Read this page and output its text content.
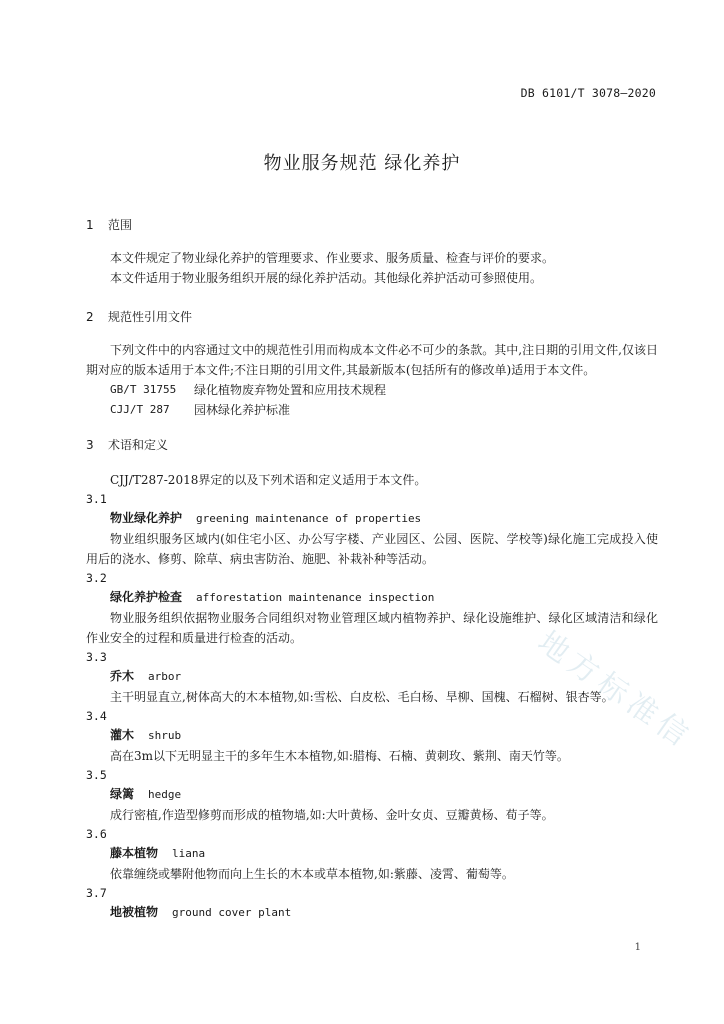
DB 6101/T 3078—2020
物业服务规范 绿化养护
1 范围
本文件规定了物业绿化养护的管理要求、作业要求、服务质量、检查与评价的要求。
本文件适用于物业服务组织开展的绿化养护活动。其他绿化养护活动可参照使用。
2 规范性引用文件
下列文件中的内容通过文中的规范性引用而构成本文件必不可少的条款。其中,注日期的引用文件,仅该日期对应的版本适用于本文件;不注日期的引用文件,其最新版本(包括所有的修改单)适用于本文件。
GB/T 31755	绿化植物废弃物处置和应用技术规程
CJJ/T 287	园林绿化养护标准
3 术语和定义
CJJ/T287-2018界定的以及下列术语和定义适用于本文件。
3.1
物业绿化养护 greening maintenance of properties
物业组织服务区域内(如住宅小区、办公写字楼、产业园区、公园、医院、学校等)绿化施工完成投入使用后的浇水、修剪、除草、病虫害防治、施肥、补栽补种等活动。
3.2
绿化养护检查 afforestation maintenance inspection
物业服务组织依据物业服务合同组织对物业管理区域内植物养护、绿化设施维护、绿化区域清洁和绿化作业安全的过程和质量进行检查的活动。
3.3
乔木 arbor
主干明显直立,树体高大的木本植物,如:雪松、白皮松、毛白杨、旱柳、国槐、石榴树、银杏等。
3.4
灌木 shrub
高在3m以下无明显主干的多年生木本植物,如:腊梅、石楠、黄刺玫、紫荆、南天竹等。
3.5
绿篱 hedge
成行密植,作造型修剪而形成的植物墙,如:大叶黄杨、金叶女贞、豆瓣黄杨、荀子等。
3.6
藤本植物 liana
依靠缠绕或攀附他物而向上生长的木本或草本植物,如:紫藤、凌霄、葡萄等。
3.7
地被植物 ground cover plant
地方标准信
1
